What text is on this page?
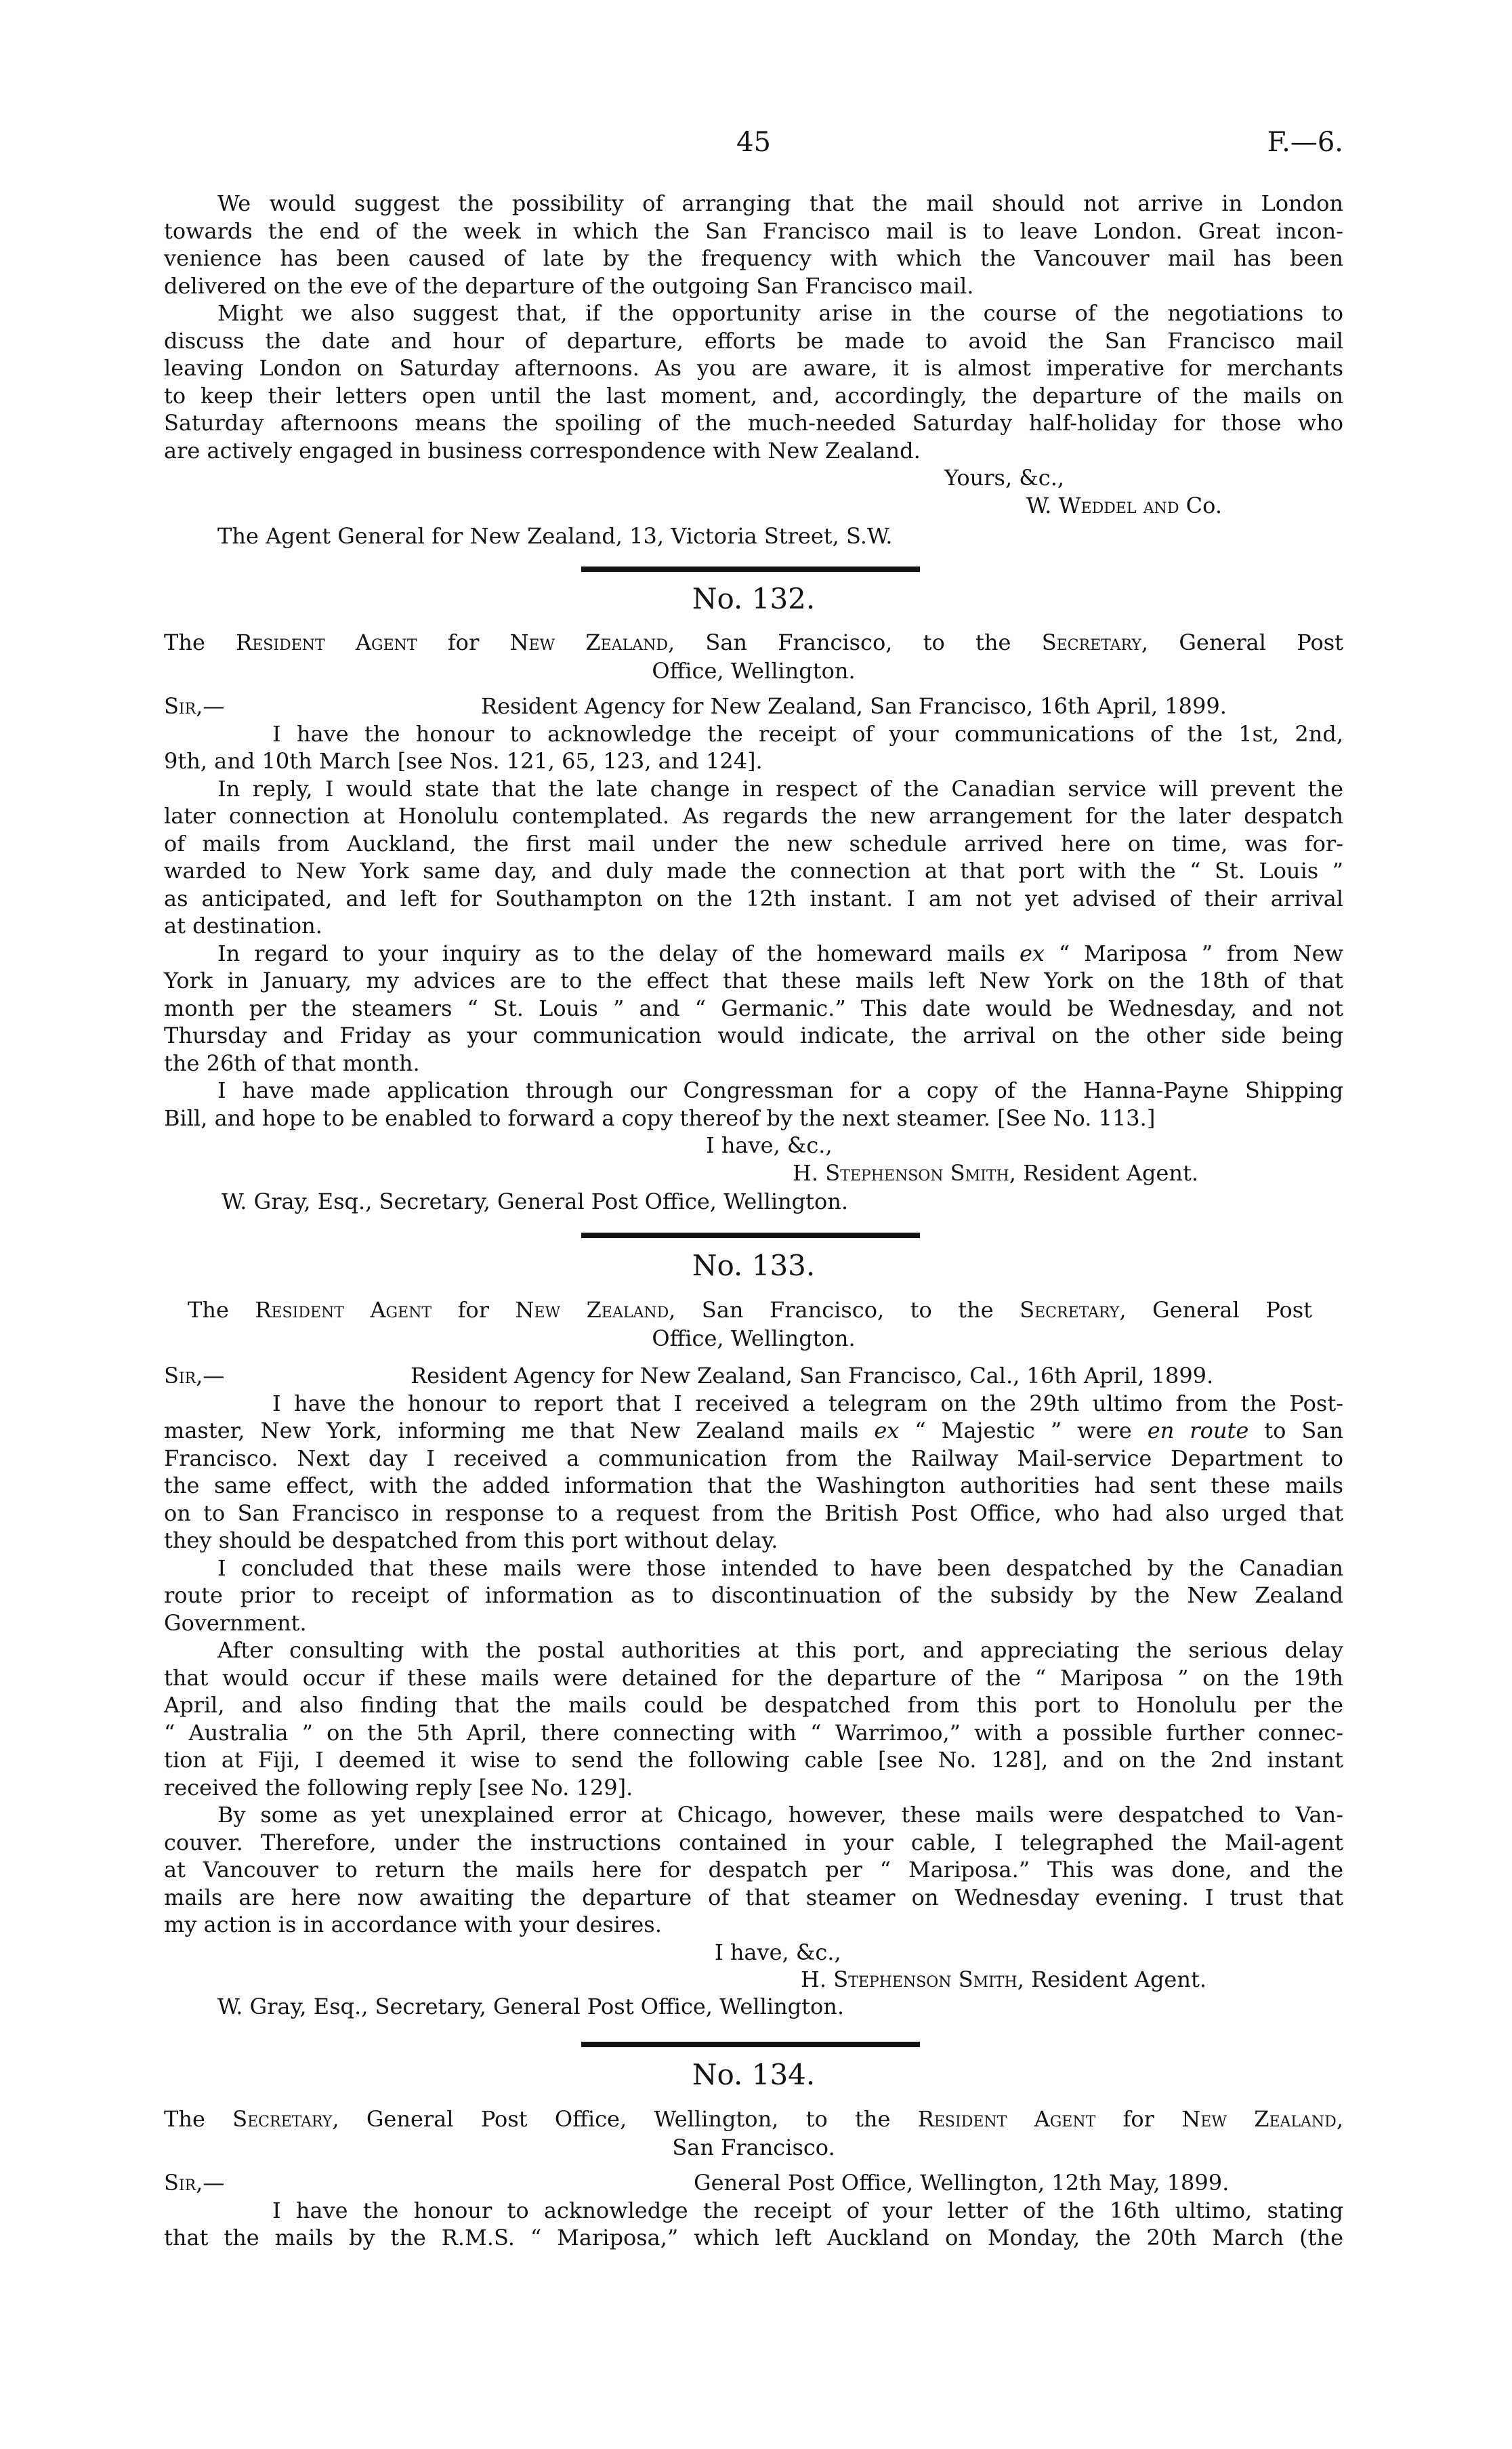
45	F.—6.
We would suggest the possibility of arranging that the mail should not arrive in London
towards the end of the week in which the San Francisco mail is to leave London. Great incon-
venience has been caused of late by the frequency with which the Vancouver mail has been
delivered on the eve of the departure of the outgoing San Francisco mail.
Might we also suggest that, if the opportunity arise in the course of the negotiations to
discuss the date and hour of departure, efforts be made to avoid the San Francisco mail
leaving London on Saturday afternoons. As you are aware, it is almost imperative for merchants
to keep their letters open until the last moment, and, accordingly, the departure of the mails on
Saturday afternoons means the spoiling of the much-needed Saturday half-holiday for those who
are actively engaged in business correspondence with New Zealand.
Yours, &c.,
W. Weddel and Co.
The Agent General for New Zealand, 13, Victoria Street, S.W.
No. 132.
The Resident Agent for New Zealand, San Francisco, to the Secretary, General Post
Office, Wellington.
Sir,—	Resident Agency for New Zealand, San Francisco, 16th April, 1899.
I have the honour to acknowledge the receipt of your communications of the 1st, 2nd,
9th, and 10th March [see Nos. 121, 65, 123, and 124].
In reply, I would state that the late change in respect of the Canadian service will prevent the
later connection at Honolulu contemplated. As regards the new arrangement for the later despatch
of mails from Auckland, the first mail under the new schedule arrived here on time, was for-
warded to New York same day, and duly made the connection at that port with the “ St. Louis ”
as anticipated, and left for Southampton on the 12th instant. I am not yet advised of their arrival
at destination.
In regard to your inquiry as to the delay of the homeward mails ex “ Mariposa ” from New
York in January, my advices are to the effect that these mails left New York on the 18th of that
month per the steamers “ St. Louis ” and “ Germanic.” This date would be Wednesday, and not
Thursday and Friday as your communication would indicate, the arrival on the other side being
the 26th of that month.
I have made application through our Congressman for a copy of the Hanna-Payne Shipping
Bill, and hope to be enabled to forward a copy thereof by the next steamer. [See No. 113.]
I have, &c.,
H. Stephenson Smith, Resident Agent.
W. Gray, Esq., Secretary, General Post Office, Wellington.
No. 133.
The Resident Agent for New Zealand, San Francisco, to the Secretary, General Post
Office, Wellington.
Sir,—	Resident Agency for New Zealand, San Francisco, Cal., 16th April, 1899.
I have the honour to report that I received a telegram on the 29th ultimo from the Post-
master, New York, informing me that New Zealand mails ex “ Majestic ” were en route to San
Francisco. Next day I received a communication from the Railway Mail-service Department to
the same effect, with the added information that the Washington authorities had sent these mails
on to San Francisco in response to a request from the British Post Office, who had also urged that
they should be despatched from this port without delay.
I concluded that these mails were those intended to have been despatched by the Canadian
route prior to receipt of information as to discontinuation of the subsidy by the New Zealand
Government.
After consulting with the postal authorities at this port, and appreciating the serious delay
that would occur if these mails were detained for the departure of the “ Mariposa ” on the 19th
April, and also finding that the mails could be despatched from this port to Honolulu per the
“ Australia ” on the 5th April, there connecting with “ Warrimoo,” with a possible further connec-
tion at Fiji, I deemed it wise to send the following cable [see No. 128], and on the 2nd instant
received the following reply [see No. 129].
By some as yet unexplained error at Chicago, however, these mails were despatched to Van-
couver. Therefore, under the instructions contained in your cable, I telegraphed the Mail-agent
at Vancouver to return the mails here for despatch per “ Mariposa.” This was done, and the
mails are here now awaiting the departure of that steamer on Wednesday evening. I trust that
my action is in accordance with your desires.
I have, &c.,
H. Stephenson Smith, Resident Agent.
W. Gray, Esq., Secretary, General Post Office, Wellington.
No. 134.
The Secretary, General Post Office, Wellington, to the Resident Agent for New Zealand,
San Francisco.
Sir,—	General Post Office, Wellington, 12th May, 1899.
I have the honour to acknowledge the receipt of your letter of the 16th ultimo, stating
that the mails by the R.M.S. “ Mariposa,” which left Auckland on Monday, the 20th March (the
